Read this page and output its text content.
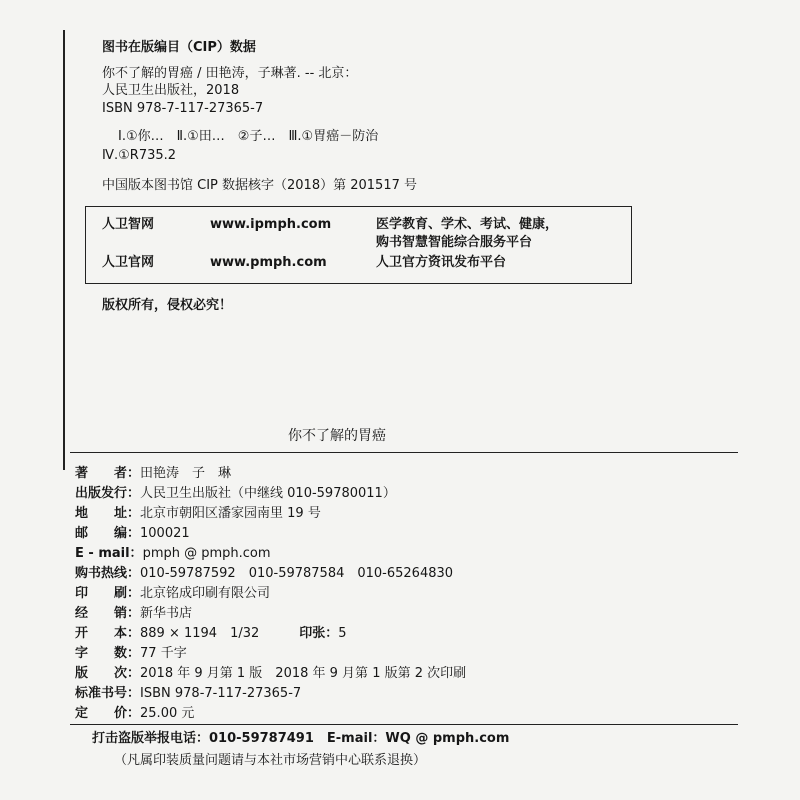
图书在版编目（CIP）数据
你不了解的胃癌 / 田艳涛，子琳著. -- 北京：
人民卫生出版社，2018
ISBN 978-7-117-27365-7
Ⅰ.①你…　Ⅱ.①田…　②子…　Ⅲ.①胃癌－防治
Ⅳ.①R735.2
中国版本图书馆 CIP 数据核字（2018）第 201517 号
人卫智网	www.ipmph.com	医学教育、学术、考试、健康，
购书智慧智能综合服务平台
人卫官网	www.pmph.com	人卫官方资讯发布平台
版权所有，侵权必究！
你不了解的胃癌
著　　者：田艳涛　子　琳
出版发行：人民卫生出版社（中继线 010-59780011）
地　　址：北京市朝阳区潘家园南里 19 号
邮　　编：100021
E - mail：pmph @ pmph.com
购书热线：010-59787592　010-59787584　010-65264830
印　　刷：北京铭成印刷有限公司
经　　销：新华书店
开　　本：889 × 1194　1/32	印张：5
字　　数：77 千字
版　　次：2018 年 9 月第 1 版　2018 年 9 月第 1 版第 2 次印刷
标准书号：ISBN 978-7-117-27365-7
定　　价：25.00 元
打击盗版举报电话：010-59787491　E-mail：WQ @ pmph.com
（凡属印装质量问题请与本社市场营销中心联系退换）
